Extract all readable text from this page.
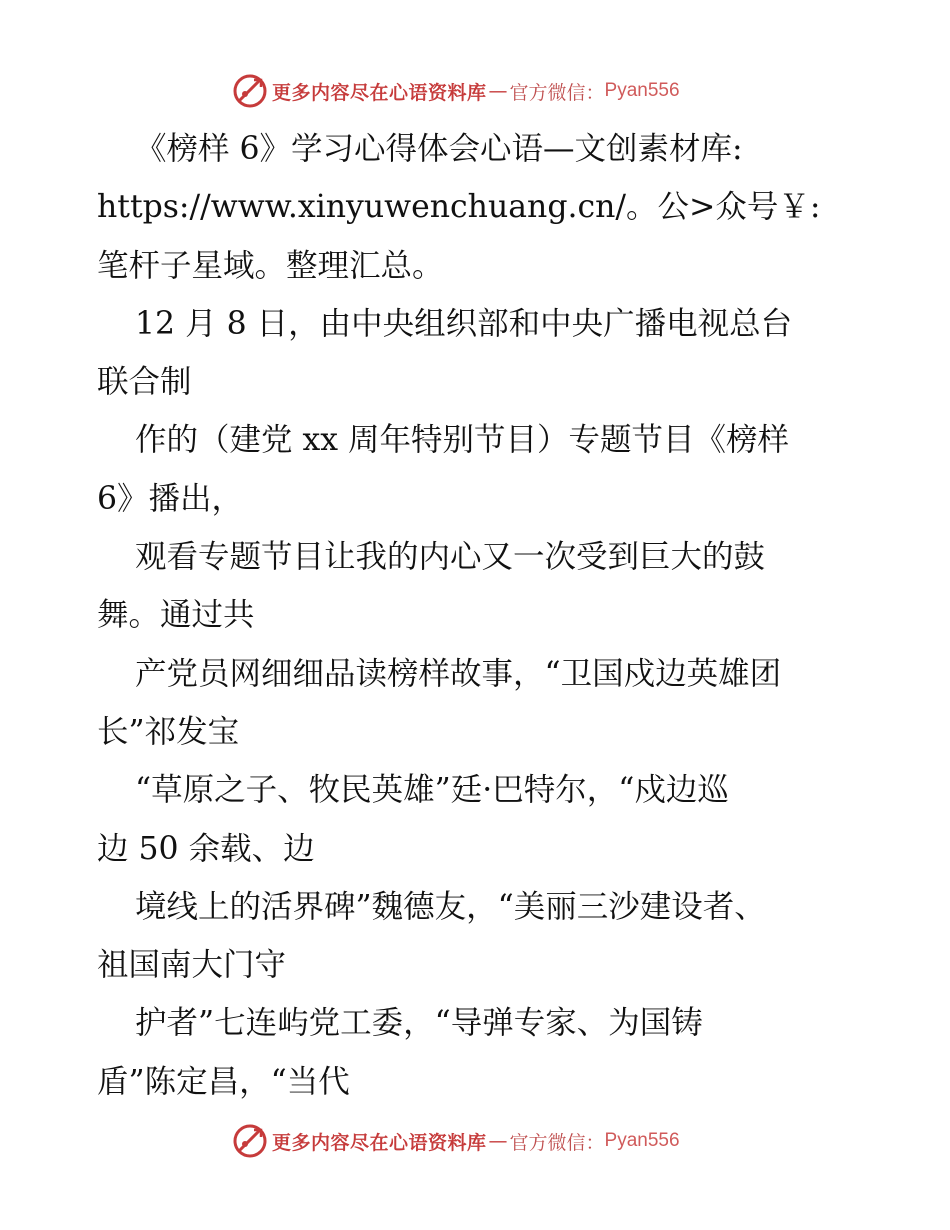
更多内容尽在心语资料库 — 官方微信： Pyan556
《榜样 6》学习心得体会心语—文创素材库:
https://www.xinyuwenchuang.cn/。公>众号￥:
笔杆子星域。整理汇总。
12 月 8 日，由中央组织部和中央广播电视总台
联合制
作的（建党 xx 周年特别节目）专题节目《榜样
6》播出，
观看专题节目让我的内心又一次受到巨大的鼓
舞。通过共
产党员网细细品读榜样故事，“卫国戍边英雄团
长”祁发宝
“草原之子、牧民英雄”廷·巴特尔，“戍边巡
边 50 余载、边
境线上的活界碑”魏德友，“美丽三沙建设者、
祖国南大门守
护者”七连屿党工委，“导弹专家、为国铸
盾”陈定昌，“当代
更多内容尽在心语资料库 — 官方微信： Pyan556
